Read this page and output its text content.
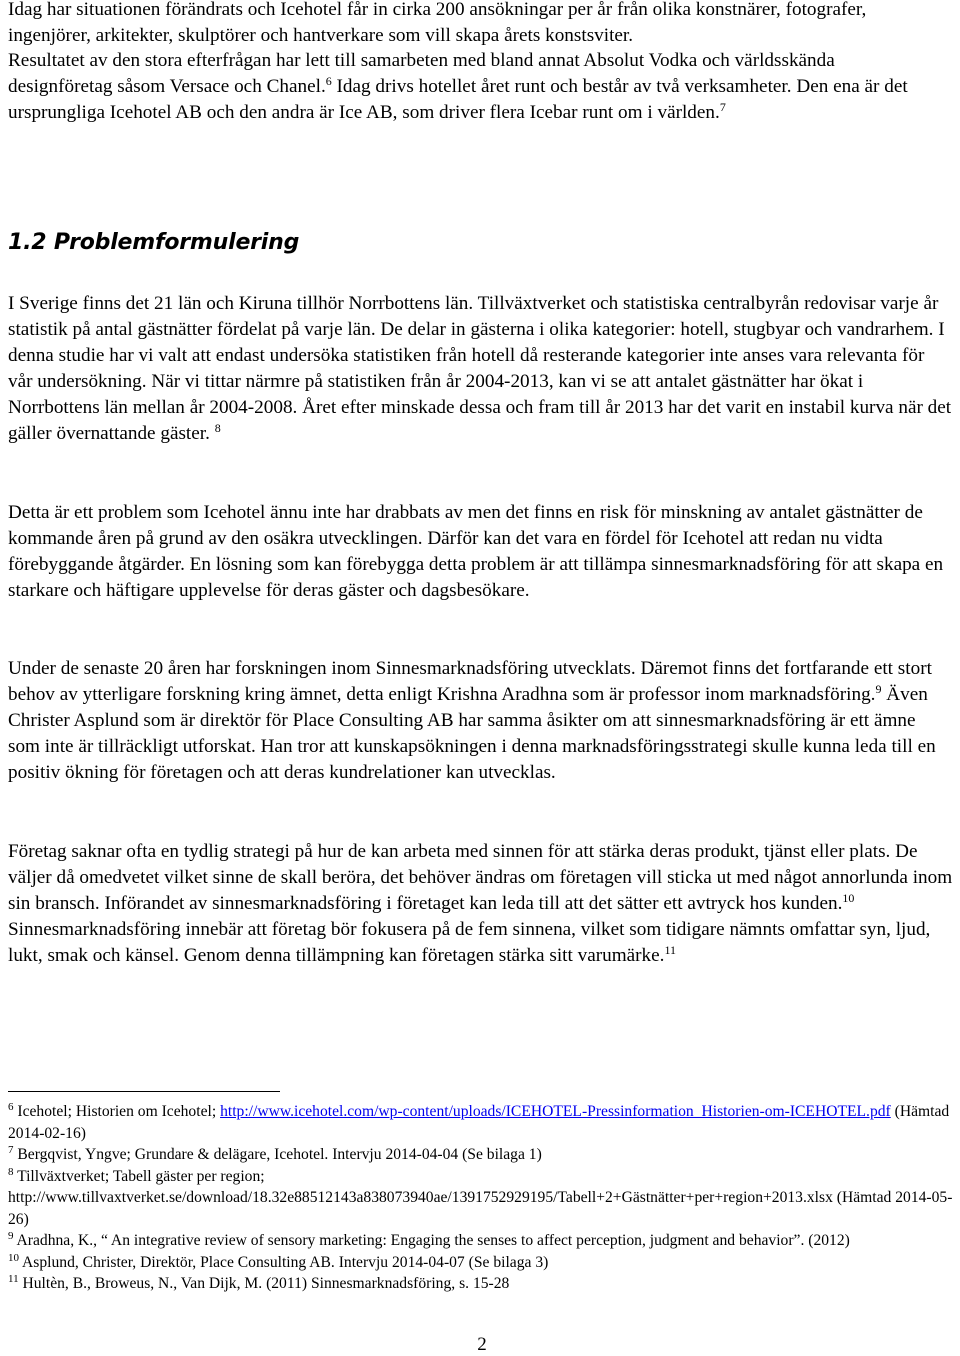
Idag har situationen förändrats och Icehotel får in cirka 200 ansökningar per år från olika konstnärer, fotografer, ingenjörer, arkitekter, skulptörer och hantverkare som vill skapa årets konstsviter.

Resultatet av den stora efterfrågan har lett till samarbeten med bland annat Absolut Vodka och världsskända designföretag såsom Versace och Chanel.$^6$ Idag drivs hotellet året runt och består av två verksamheter. Den ena är det ursprungliga Icehotel AB och den andra är Ice AB, som driver flera Icebar runt om i världen.$^7$

1.2 Problemformulering

I Sverige finns det 21 län och Kiruna tillhör Norrbottens län. Tillväxtverket och statistiska centralbyrån redovisar varje år statistik på antal gästnätter fördelat på varje län. De delar in gästerna i olika kategorier: hotell, stugbyar och vandrarhem. I denna studie har vi valt att endast undersöka statistiken från hotell då resterande kategorier inte anses vara relevanta för vår undersökning. När vi tittar närmre på statistiken från år 2004-2013, kan vi se att antalet gästnätter har ökat i Norrbottens län mellan år 2004-2008. Året efter minskade dessa och fram till år 2013 har det varit en instabil kurva när det gäller övernattande gäster. $^8$

Detta är ett problem som Icehotel ännu inte har drabbats av men det finns en risk för minskning av antalet gästnätter de kommande åren på grund av den osäkra utvecklingen. Därför kan det vara en fördel för Icehotel att redan nu vidta förebyggande åtgärder. En lösning som kan förebygga detta problem är att tillämpa sinnesmarknadsföring för att skapa en starkare och häftigare upplevelse för deras gäster och dagsbesökare.

Under de senaste 20 åren har forskningen inom Sinnesmarknadsföring utvecklats. Däremot finns det fortfarande ett stort behov av ytterligare forskning kring ämnet, detta enligt Krishna Aradhna som är professor inom marknadsföring.$^9$ Även Christer Asplund som är direktör för Place Consulting AB har samma åsikter om att sinnesmarknadsföring är ett ämne som inte är tillräckligt utforskat. Han tror att kunskapsökningen i denna marknadsföringsstrategi skulle kunna leda till en positiv ökning för företagen och att deras kundrelationer kan utvecklas.

Företag saknar ofta en tydlig strategi på hur de kan arbeta med sinnen för att stärka deras produkt, tjänst eller plats. De väljer då omedvetet vilket sinne de skall beröra, det behöver ändras om företagen vill sticka ut med något annorlunda inom sin bransch. Införandet av sinnesmarknadsföring i företaget kan leda till att det sätter ett avtryck hos kunden.$^{10}$ Sinnesmarknadsföring innebär att företag bör fokusera på de fem sinnena, vilket som tidigare nämnts omfattar syn, ljud, lukt, smak och känsel. Genom denna tillämpning kan företagen stärka sitt varumärke.$^{11}$

$^6$ Icehotel; Historien om Icehotel; http://www.icehotel.com/wp-content/uploads/ICEHOTEL-Pressinformation_Historien-om-ICEHOTEL.pdf (Hämtad 2014-02-16)

$^7$ Bergqvist, Yngve; Grundare & delägare, Icehotel. Intervju 2014-04-04 (Se bilaga 1)

$^8$ Tillväxtverket; Tabell gäster per region;
http://www.tillvaxtverket.se/download/18.32e88512143a838073940ae/1391752929195/Tabell+2+Gästnätter+per+region+2013.xlsx (Hämtad 2014-05-26)

$^9$ Aradhna, K., “ An integrative review of sensory marketing: Engaging the senses to affect perception, judgment and behavior”. (2012)

$^{10}$ Asplund, Christer, Direktör, Place Consulting AB. Intervju 2014-04-07 (Se bilaga 3)

$^{11}$ Hultèn, B., Broweus, N., Van Dijk, M. (2011) Sinnesmarknadsföring, s. 15-28

2
